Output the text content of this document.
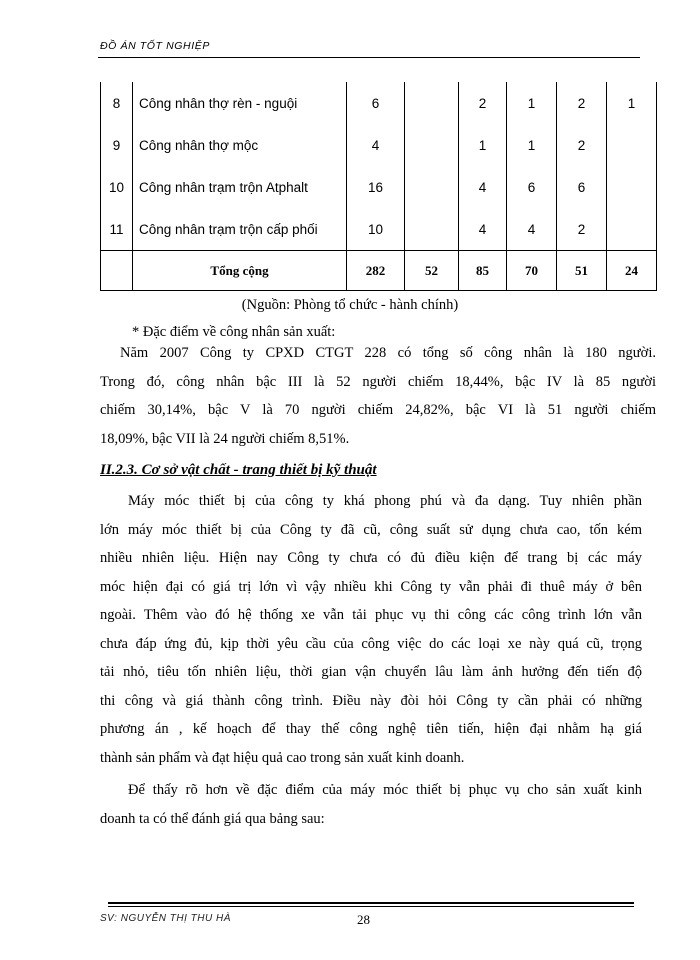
ĐỒ ÁN TỐT NGHIỆP
8	Công nhân thợ rèn - nguội	6		2	1	2	1
9	Công nhân thợ mộc	4		1	1	2	
10	Công nhân trạm trộn Atphalt	16		4	6	6	
11	Công nhân trạm trộn cấp phối	10		4	4	2	
	Tổng cộng	282	52	85	70	51	24
(Nguồn: Phòng tổ chức - hành chính)
* Đặc điểm về công nhân sản xuất:
Năm 2007 Công ty CPXD CTGT 228 có tổng số công nhân là 180 người.
Trong đó, công nhân bậc III là 52 người chiếm 18,44%, bậc IV là 85 người
chiếm 30,14%, bậc V là 70 người chiếm 24,82%, bậc VI là 51 người chiếm
18,09%, bậc VII là 24 người chiếm 8,51%.
II.2.3. Cơ sở vật chất - trang thiết bị kỹ thuật
Máy móc thiết bị của công ty khá phong phú và đa dạng. Tuy nhiên phần
lớn máy móc thiết bị của Công ty đã cũ, công suất sử dụng chưa cao, tốn kém
nhiều nhiên liệu. Hiện nay Công ty chưa có đủ điều kiện để trang bị các máy
móc hiện đại có giá trị lớn vì vậy nhiều khi Công ty vẫn phải đi thuê máy ở bên
ngoài. Thêm vào đó hệ thống xe vẫn tải phục vụ thi công các công trình lớn vẫn
chưa đáp ứng đủ, kịp thời yêu cầu của công việc do các loại xe này quá cũ, trọng
tải nhỏ, tiêu tốn nhiên liệu, thời gian vận chuyển lâu làm ảnh hưởng đến tiến độ
thi công và giá thành công trình. Điều này đòi hỏi Công ty cần phải có những
phương án , kế hoạch để thay thế công nghệ tiên tiến, hiện đại nhằm hạ giá
thành sản phẩm và đạt hiệu quả cao trong sản xuất kinh doanh.
Để thấy rõ hơn về đặc điểm của máy móc thiết bị phục vụ cho sản xuất kinh
doanh ta có thể đánh giá qua bảng sau:
SV: NGUYỄN THỊ THU HÀ	28
